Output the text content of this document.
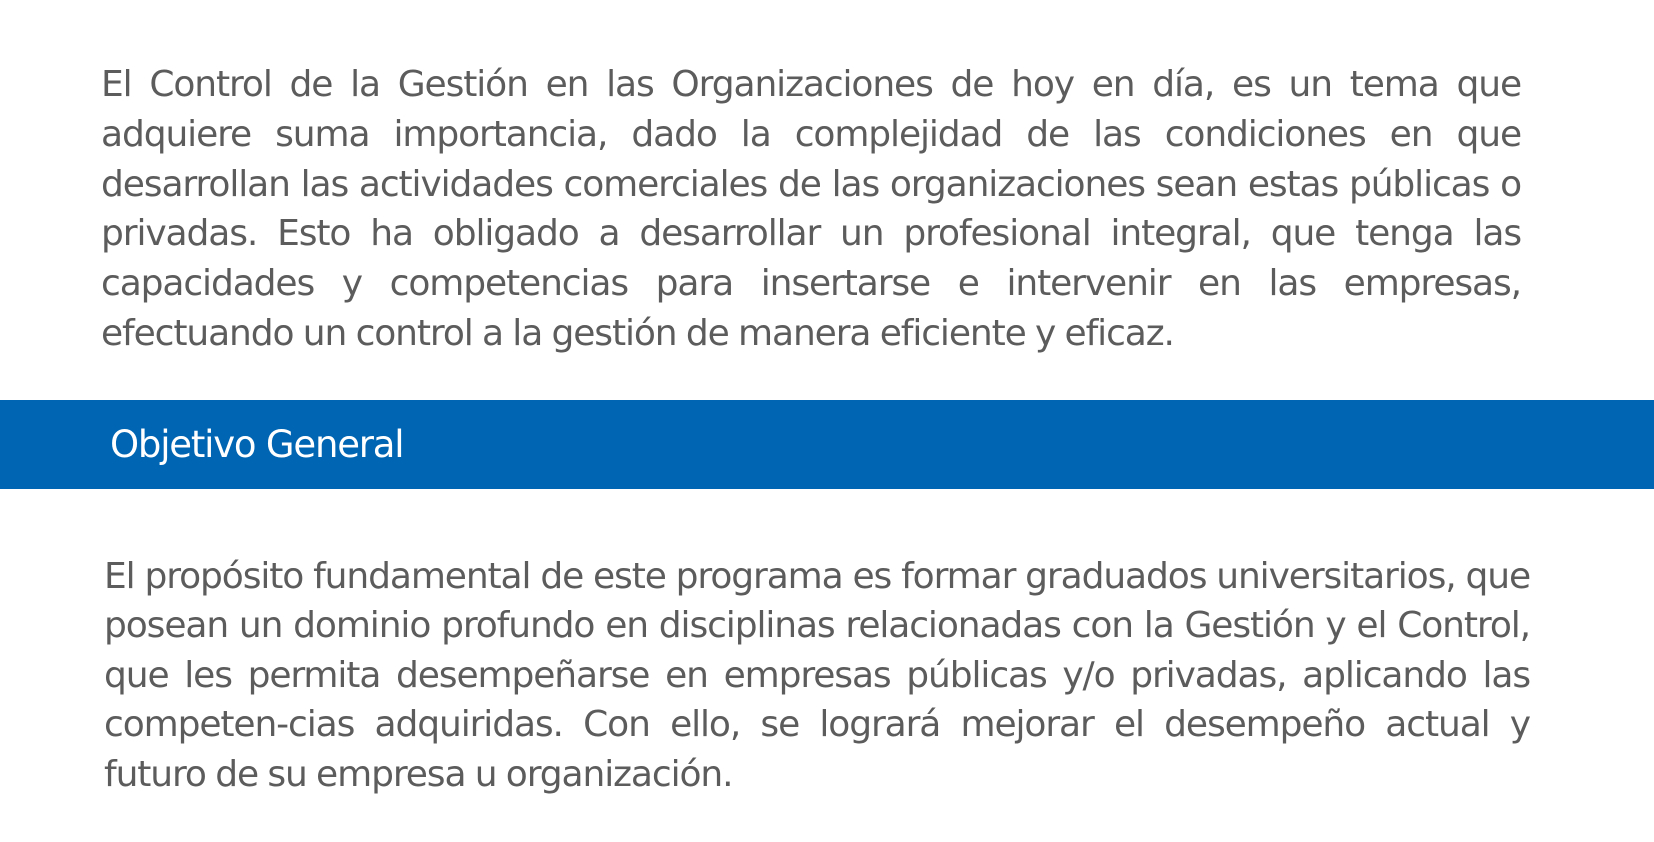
El Control de la Gestión en las Organizaciones de hoy en día, es un tema que adquiere suma importancia, dado la complejidad de las condiciones en que desarrollan las actividades comerciales de las organizaciones sean estas públicas o privadas. Esto ha obligado a desarrollar un profesional integral, que tenga las capacidades y competencias para insertarse e intervenir en las empresas, efectuando un control a la gestión de manera eficiente y eficaz.

Objetivo General

El propósito fundamental de este programa es formar graduados universitarios, que posean un dominio profundo en disciplinas relacionadas con la Gestión y el Control, que les permita desempeñarse en empresas públicas y/o privadas, aplicando las competen-cias adquiridas. Con ello, se logrará mejorar el desempeño actual y futuro de su empresa u organización.
